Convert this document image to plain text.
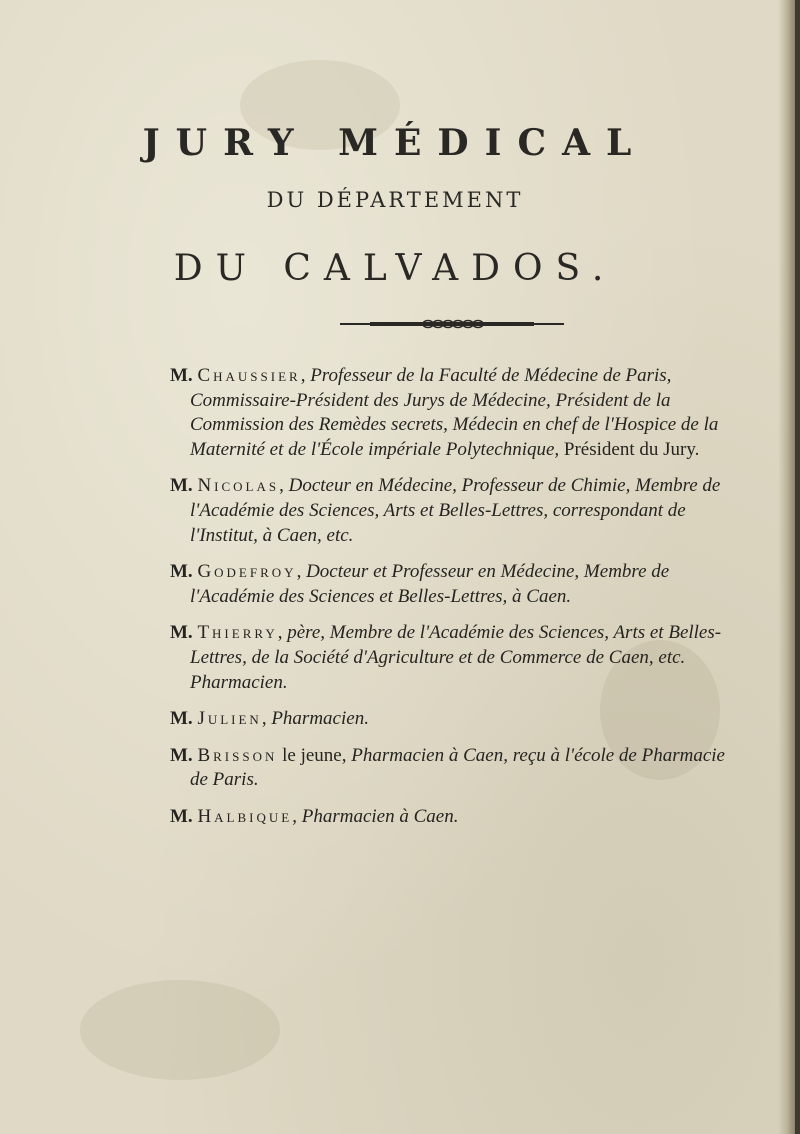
JURY MÉDICAL
DU DÉPARTEMENT
DU CALVADOS.

M. Chaussier, Professeur de la Faculté de Médecine de Paris, Commissaire-Président des Jurys de Médecine, Président de la Commission des Remèdes secrets, Médecin en chef de l'Hospice de la Maternité et de l'École impériale Polytechnique, Président du Jury.

M. Nicolas, Docteur en Médecine, Professeur de Chimie, Membre de l'Académie des Sciences, Arts et Belles-Lettres, correspondant de l'Institut, à Caen, etc.

M. Godefroy, Docteur et Professeur en Médecine, Membre de l'Académie des Sciences et Belles-Lettres, à Caen.

M. Thierry, père, Membre de l'Académie des Sciences, Arts et Belles-Lettres, de la Société d'Agriculture et de Commerce de Caen, etc. Pharmacien.

M. Julien, Pharmacien.

M. Brisson le jeune, Pharmacien à Caen, reçu à l'école de Pharmacie de Paris.

M. Halbique, Pharmacien à Caen.
